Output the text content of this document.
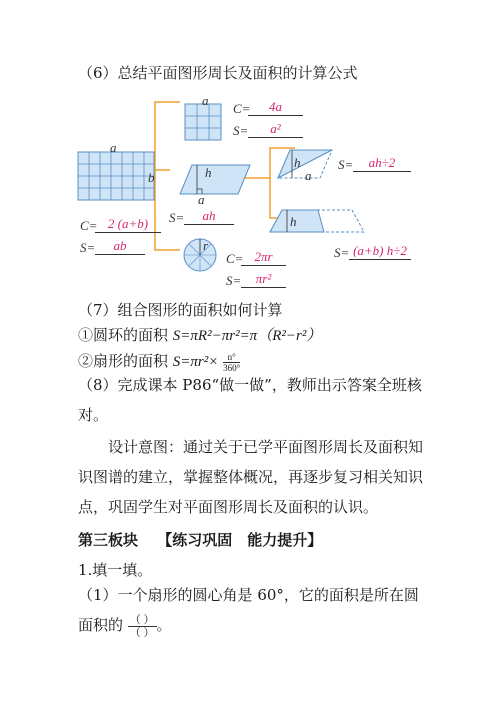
（6）总结平面图形周长及面积的计算公式
a
b
a
h
a
r
h
a
h
C= 2 (a+b)
S=	ab
C=	4a
S=	a²
S=	ah
C= 2πr
S=	πr²
S=	ah÷2
S= (a+b) h÷2
（7）组合图形的面积如何计算
①圆环的面积 S=πR²−πr²=π（R²−r²）
②扇形的面积 $S=\pi r^2\times \frac{n^\circ}{360^\circ}$
（8）完成课本 P86“做一做”，教师出示答案全班核对。
设计意图：通过关于已学平面图形周长及面积知识图谱的建立，掌握整体概况，再逐步复习相关知识点，巩固学生对平面图形周长及面积的认识。
第三板块 【练习巩固　能力提升】
1.填一填。
（1）一个扇形的圆心角是 60°，它的面积是所在圆面积的 $\frac{( )}{( )}$ 。
